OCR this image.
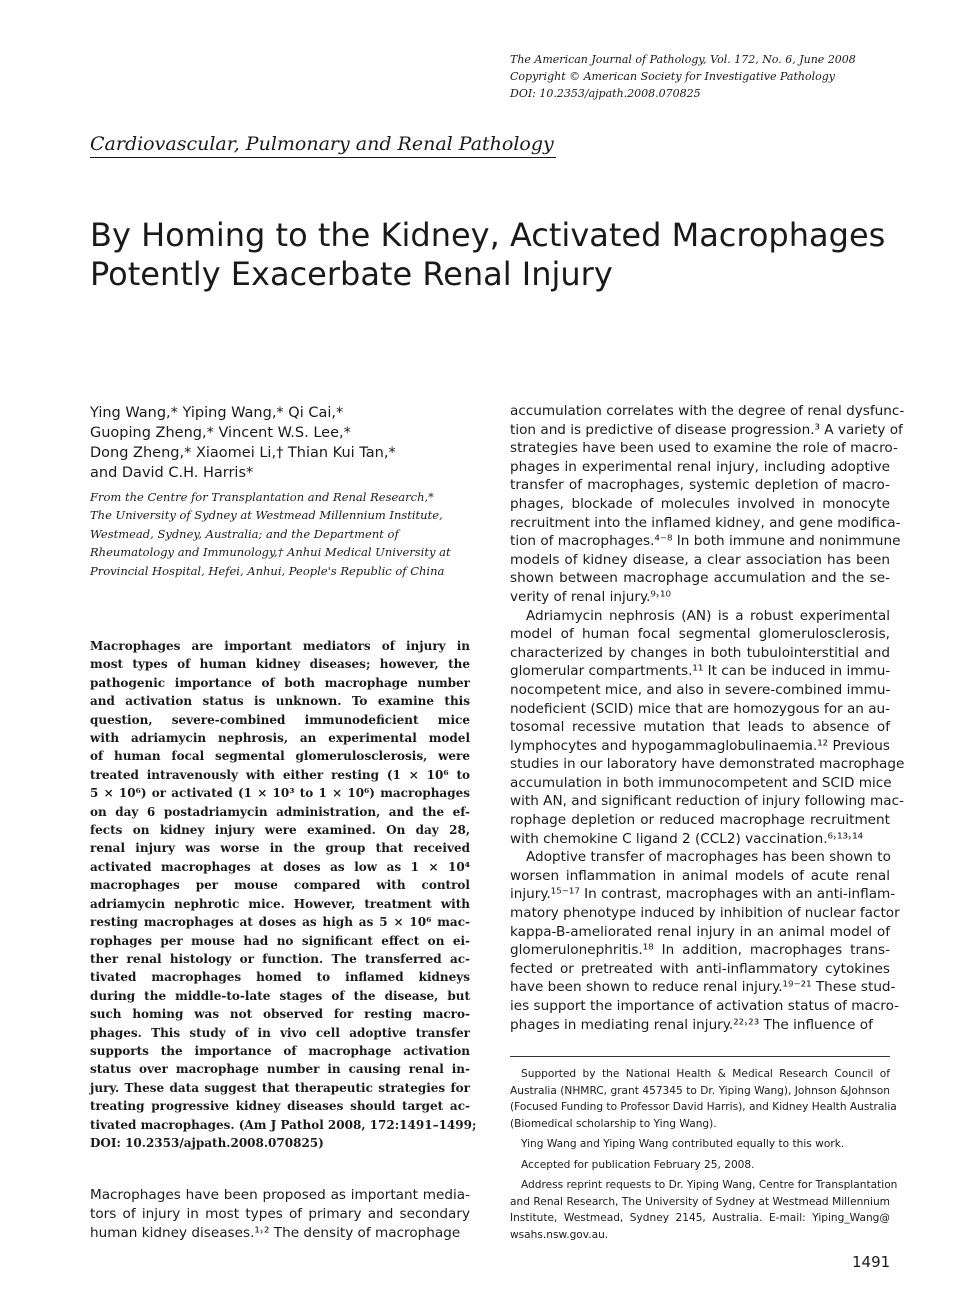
The American Journal of Pathology, Vol. 172, No. 6, June 2008
Copyright © American Society for Investigative Pathology
DOI: 10.2353/ajpath.2008.070825
Cardiovascular, Pulmonary and Renal Pathology
By Homing to the Kidney, Activated Macrophages
Potently Exacerbate Renal Injury
Ying Wang,* Yiping Wang,* Qi Cai,*
Guoping Zheng,* Vincent W.S. Lee,*
Dong Zheng,* Xiaomei Li,† Thian Kui Tan,*
and David C.H. Harris*
From the Centre for Transplantation and Renal Research,*
The University of Sydney at Westmead Millennium Institute,
Westmead, Sydney, Australia; and the Department of
Rheumatology and Immunology,† Anhui Medical University at
Provincial Hospital, Hefei, Anhui, People's Republic of China
Macrophages are important mediators of injury in
most types of human kidney diseases; however, the
pathogenic importance of both macrophage number
and activation status is unknown. To examine this
question, severe-combined immunodeficient mice
with adriamycin nephrosis, an experimental model
of human focal segmental glomerulosclerosis, were
treated intravenously with either resting (1 × 10⁶ to
5 × 10⁶) or activated (1 × 10³ to 1 × 10⁶) macrophages
on day 6 postadriamycin administration, and the ef-
fects on kidney injury were examined. On day 28,
renal injury was worse in the group that received
activated macrophages at doses as low as 1 × 10⁴
macrophages per mouse compared with control
adriamycin nephrotic mice. However, treatment with
resting macrophages at doses as high as 5 × 10⁶ mac-
rophages per mouse had no significant effect on ei-
ther renal histology or function. The transferred ac-
tivated macrophages homed to inflamed kidneys
during the middle-to-late stages of the disease, but
such homing was not observed for resting macro-
phages. This study of in vivo cell adoptive transfer
supports the importance of macrophage activation
status over macrophage number in causing renal in-
jury. These data suggest that therapeutic strategies for
treating progressive kidney diseases should target ac-
tivated macrophages. (Am J Pathol 2008, 172:1491–1499;
DOI: 10.2353/ajpath.2008.070825)
Macrophages have been proposed as important media-
tors of injury in most types of primary and secondary
human kidney diseases.¹˒² The density of macrophage
accumulation correlates with the degree of renal dysfunc-
tion and is predictive of disease progression.³ A variety of
strategies have been used to examine the role of macro-
phages in experimental renal injury, including adoptive
transfer of macrophages, systemic depletion of macro-
phages, blockade of molecules involved in monocyte
recruitment into the inflamed kidney, and gene modifica-
tion of macrophages.⁴⁻⁸ In both immune and nonimmune
models of kidney disease, a clear association has been
shown between macrophage accumulation and the se-
verity of renal injury.⁹˒¹⁰
Adriamycin nephrosis (AN) is a robust experimental
model of human focal segmental glomerulosclerosis,
characterized by changes in both tubulointerstitial and
glomerular compartments.¹¹ It can be induced in immu-
nocompetent mice, and also in severe-combined immu-
nodeficient (SCID) mice that are homozygous for an au-
tosomal recessive mutation that leads to absence of
lymphocytes and hypogammaglobulinaemia.¹² Previous
studies in our laboratory have demonstrated macrophage
accumulation in both immunocompetent and SCID mice
with AN, and significant reduction of injury following mac-
rophage depletion or reduced macrophage recruitment
with chemokine C ligand 2 (CCL2) vaccination.⁶˒¹³˒¹⁴
Adoptive transfer of macrophages has been shown to
worsen inflammation in animal models of acute renal
injury.¹⁵⁻¹⁷ In contrast, macrophages with an anti-inflam-
matory phenotype induced by inhibition of nuclear factor
kappa-B-ameliorated renal injury in an animal model of
glomerulonephritis.¹⁸ In addition, macrophages trans-
fected or pretreated with anti-inflammatory cytokines
have been shown to reduce renal injury.¹⁹⁻²¹ These stud-
ies support the importance of activation status of macro-
phages in mediating renal injury.²²˒²³ The influence of
Supported by the National Health & Medical Research Council of
Australia (NHMRC, grant 457345 to Dr. Yiping Wang), Johnson &Johnson
(Focused Funding to Professor David Harris), and Kidney Health Australia
(Biomedical scholarship to Ying Wang).
Ying Wang and Yiping Wang contributed equally to this work.
Accepted for publication February 25, 2008.
Address reprint requests to Dr. Yiping Wang, Centre for Transplantation
and Renal Research, The University of Sydney at Westmead Millennium
Institute, Westmead, Sydney 2145, Australia. E-mail: Yiping_Wang@
wsahs.nsw.gov.au.
1491
